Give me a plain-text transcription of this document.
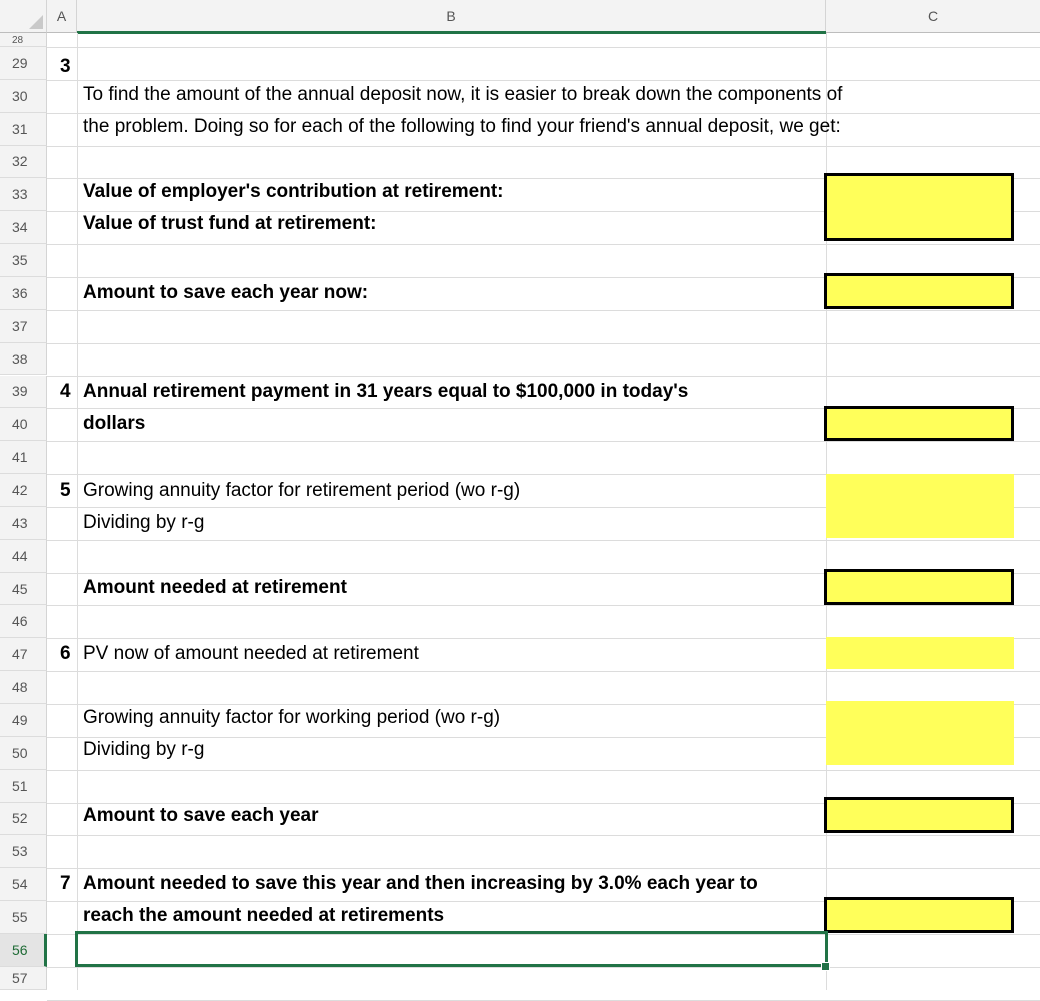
A	B	C
28
29
30
31
32
33
34
35
36
37
38
39
40
41
42
43
44
45
46
47
48
49
50
51
52
53
54
55
56
57
3
To find the amount of the annual deposit now, it is easier to break down the components of
the problem. Doing so for each of the following to find your friend's annual deposit, we get:
Value of employer's contribution at retirement:
Value of trust fund at retirement:
Amount to save each year now:
4 Annual retirement payment in 31 years equal to $100,000 in today's
dollars
5 Growing annuity factor for retirement period (wo r-g)
Dividing by r-g
Amount needed at retirement
6 PV now of amount needed at retirement
Growing annuity factor for working period (wo r-g)
Dividing by r-g
Amount to save each year
7 Amount needed to save this year and then increasing by 3.0% each year to
reach the amount needed at retirements
